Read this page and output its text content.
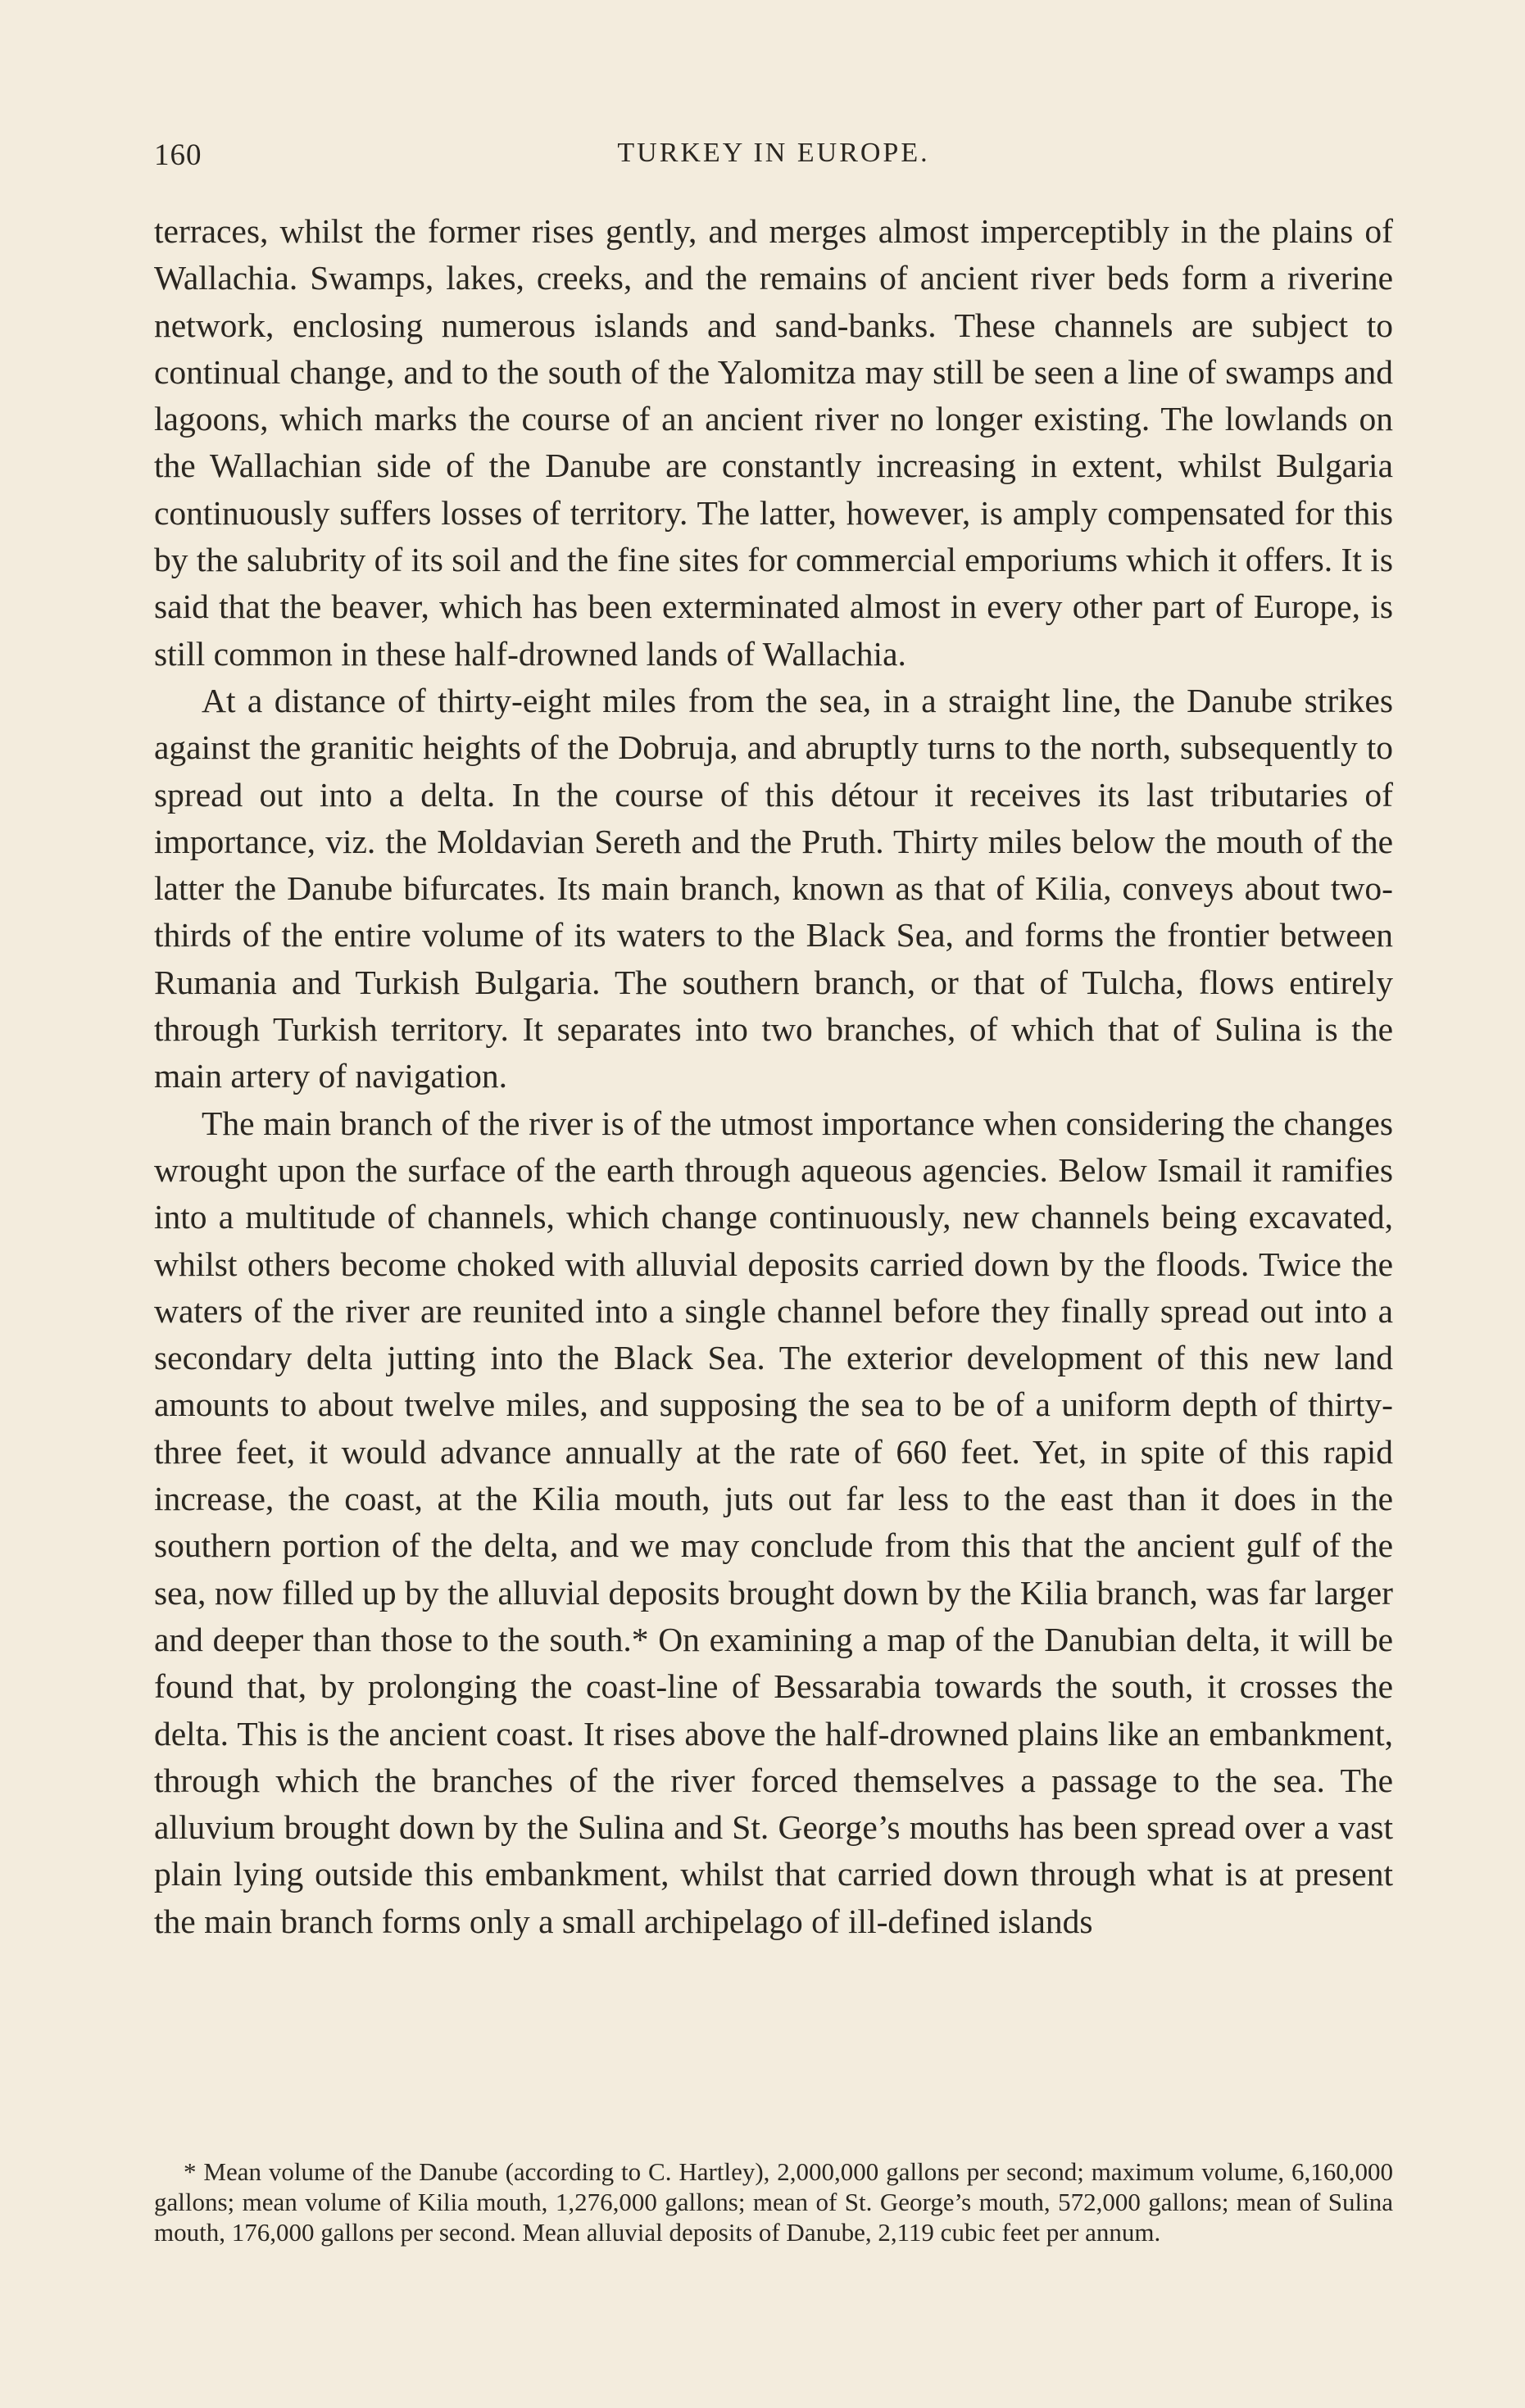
160	TURKEY IN EUROPE.

terraces, whilst the former rises gently, and merges almost imperceptibly in the plains of Wallachia. Swamps, lakes, creeks, and the remains of ancient river beds form a riverine network, enclosing numerous islands and sand-banks. These channels are subject to continual change, and to the south of the Yalomitza may still be seen a line of swamps and lagoons, which marks the course of an ancient river no longer existing. The lowlands on the Wallachian side of the Danube are constantly increasing in extent, whilst Bulgaria continuously suffers losses of territory. The latter, however, is amply compensated for this by the salubrity of its soil and the fine sites for commercial emporiums which it offers. It is said that the beaver, which has been exterminated almost in every other part of Europe, is still common in these half-drowned lands of Wallachia.

At a distance of thirty-eight miles from the sea, in a straight line, the Danube strikes against the granitic heights of the Dobruja, and abruptly turns to the north, subsequently to spread out into a delta. In the course of this détour it receives its last tributaries of importance, viz. the Moldavian Sereth and the Pruth. Thirty miles below the mouth of the latter the Danube bifurcates. Its main branch, known as that of Kilia, conveys about two-thirds of the entire volume of its waters to the Black Sea, and forms the frontier between Rumania and Turkish Bulgaria. The southern branch, or that of Tulcha, flows entirely through Turkish territory. It separates into two branches, of which that of Sulina is the main artery of navigation.

The main branch of the river is of the utmost importance when considering the changes wrought upon the surface of the earth through aqueous agencies. Below Ismail it ramifies into a multitude of channels, which change continuously, new channels being excavated, whilst others become choked with alluvial deposits carried down by the floods. Twice the waters of the river are reunited into a single channel before they finally spread out into a secondary delta jutting into the Black Sea. The exterior development of this new land amounts to about twelve miles, and supposing the sea to be of a uniform depth of thirty-three feet, it would advance annually at the rate of 660 feet. Yet, in spite of this rapid increase, the coast, at the Kilia mouth, juts out far less to the east than it does in the southern portion of the delta, and we may conclude from this that the ancient gulf of the sea, now filled up by the alluvial deposits brought down by the Kilia branch, was far larger and deeper than those to the south.* On examining a map of the Danubian delta, it will be found that, by prolonging the coast-line of Bessarabia towards the south, it crosses the delta. This is the ancient coast. It rises above the half-drowned plains like an embankment, through which the branches of the river forced themselves a passage to the sea. The alluvium brought down by the Sulina and St. George’s mouths has been spread over a vast plain lying outside this embankment, whilst that carried down through what is at present the main branch forms only a small archipelago of ill-defined islands

* Mean volume of the Danube (according to C. Hartley), 2,000,000 gallons per second; maximum volume, 6,160,000 gallons; mean volume of Kilia mouth, 1,276,000 gallons; mean of St. George’s mouth, 572,000 gallons; mean of Sulina mouth, 176,000 gallons per second. Mean alluvial deposits of Danube, 2,119 cubic feet per annum.
